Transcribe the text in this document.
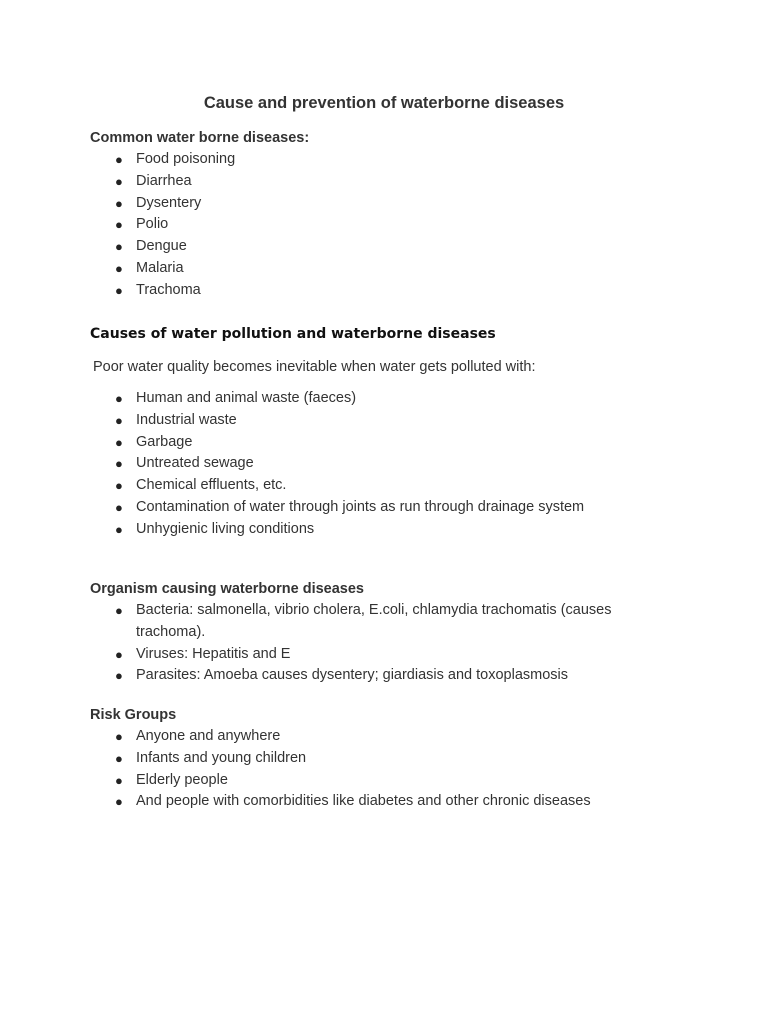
Cause and prevention of waterborne diseases
Common water borne diseases:
● Food poisoning
● Diarrhea
● Dysentery
● Polio
● Dengue
● Malaria
● Trachoma
Causes of water pollution and waterborne diseases

Poor water quality becomes inevitable when water gets polluted with:

● Human and animal waste (faeces)
● Industrial waste
● Garbage
● Untreated sewage
● Chemical effluents, etc.
● Contamination of water through joints as run through drainage system
● Unhygienic living conditions
Organism causing waterborne diseases
● Bacteria: salmonella, vibrio cholera, E.coli, chlamydia trachomatis (causes trachoma).
● Viruses: Hepatitis and E
● Parasites: Amoeba causes dysentery; giardiasis and toxoplasmosis
Risk Groups
● Anyone and anywhere
● Infants and young children
● Elderly people
● And people with comorbidities like diabetes and other chronic diseases
